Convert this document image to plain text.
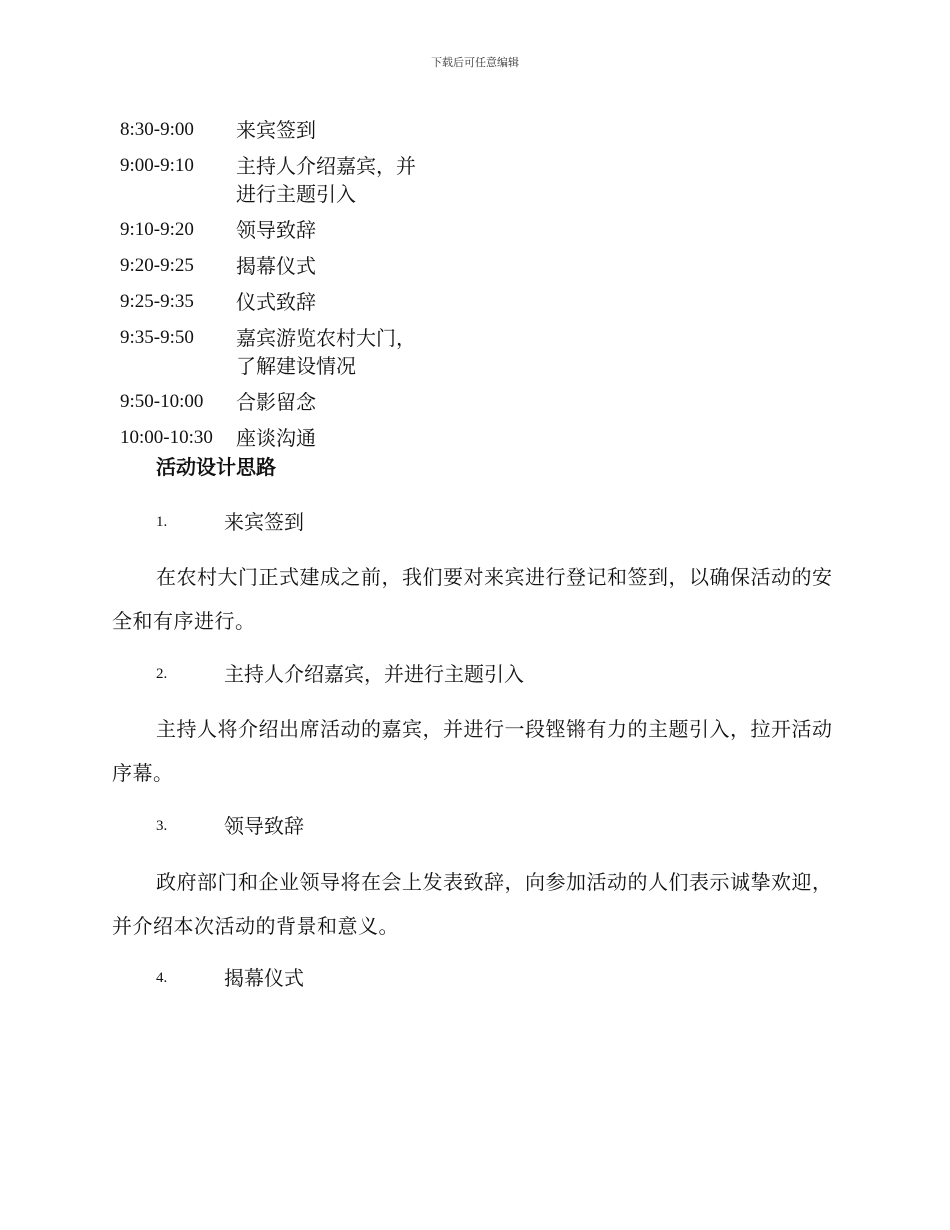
下载后可任意编辑
8:30-9:00	来宾签到
9:00-9:10	主持人介绍嘉宾，并进行主题引入
9:10-9:20	领导致辞
9:20-9:25	揭幕仪式
9:25-9:35	仪式致辞
9:35-9:50	嘉宾游览农村大门，了解建设情况
9:50-10:00	合影留念
10:00-10:30	座谈沟通
活动设计思路
1.	来宾签到
在农村大门正式建成之前，我们要对来宾进行登记和签到，以确保活动的安全和有序进行。
2.	主持人介绍嘉宾，并进行主题引入
主持人将介绍出席活动的嘉宾，并进行一段铿锵有力的主题引入，拉开活动序幕。
3.	领导致辞
政府部门和企业领导将在会上发表致辞，向参加活动的人们表示诚挚欢迎，并介绍本次活动的背景和意义。
4.	揭幕仪式
